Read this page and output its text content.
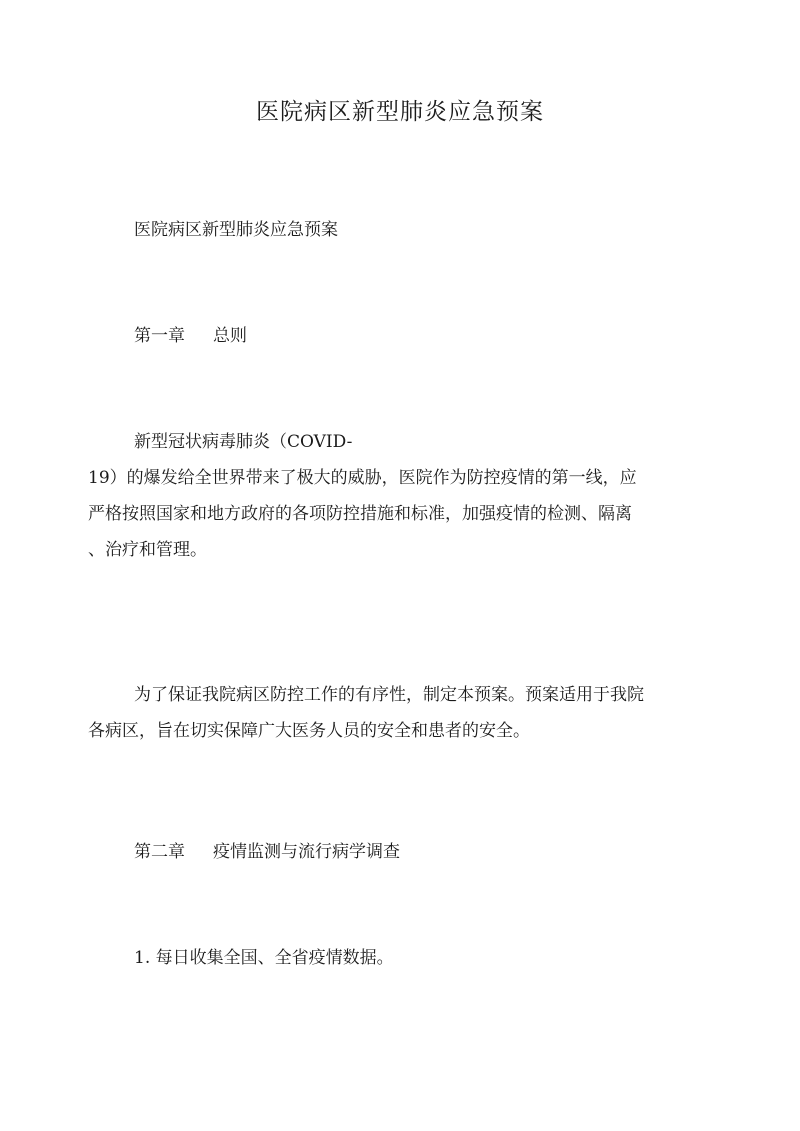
医院病区新型肺炎应急预案

医院病区新型肺炎应急预案

第一章 总则

新型冠状病毒肺炎（COVID-
19）的爆发给全世界带来了极大的威胁，医院作为防控疫情的第一线，应
严格按照国家和地方政府的各项防控措施和标准，加强疫情的检测、隔离
、治疗和管理。

为了保证我院病区防控工作的有序性，制定本预案。预案适用于我院
各病区，旨在切实保障广大医务人员的安全和患者的安全。

第二章 疫情监测与流行病学调查

1. 每日收集全国、全省疫情数据。
